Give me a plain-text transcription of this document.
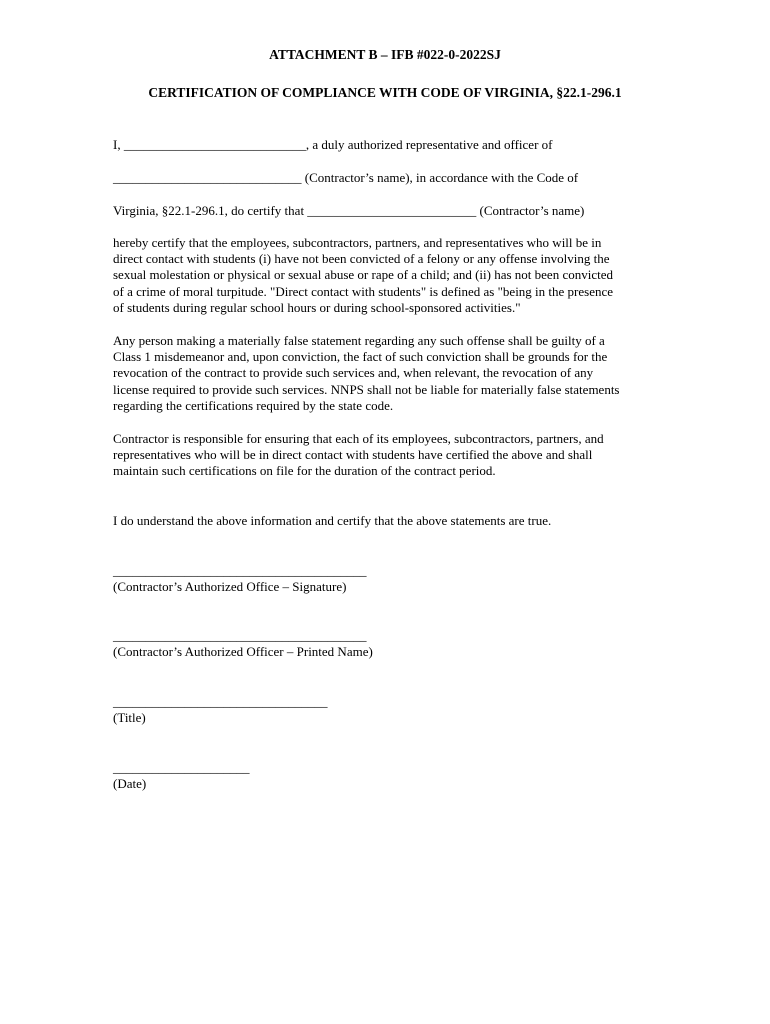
ATTACHMENT B – IFB #022-0-2022SJ
CERTIFICATION OF COMPLIANCE WITH CODE OF VIRGINIA, §22.1-296.1
I, ____________________________, a duly authorized representative and officer of
_____________________________ (Contractor’s name), in accordance with the Code of
Virginia, §22.1-296.1, do certify that __________________________ (Contractor’s name)
hereby certify that the employees, subcontractors, partners, and representatives who will be in
direct contact with students (i) have not been convicted of a felony or any offense involving the
sexual molestation or physical or sexual abuse or rape of a child; and (ii) has not been convicted
of a crime of moral turpitude. "Direct contact with students" is defined as "being in the presence
of students during regular school hours or during school-sponsored activities."
Any person making a materially false statement regarding any such offense shall be guilty of a
Class 1 misdemeanor and, upon conviction, the fact of such conviction shall be grounds for the
revocation of the contract to provide such services and, when relevant, the revocation of any
license required to provide such services. NNPS shall not be liable for materially false statements
regarding the certifications required by the state code.
Contractor is responsible for ensuring that each of its employees, subcontractors, partners, and
representatives who will be in direct contact with students have certified the above and shall
maintain such certifications on file for the duration of the contract period.
I do understand the above information and certify that the above statements are true.
_______________________________________
(Contractor’s Authorized Office – Signature)
_______________________________________
(Contractor’s Authorized Officer – Printed Name)
_________________________________
(Title)
_____________________
(Date)
